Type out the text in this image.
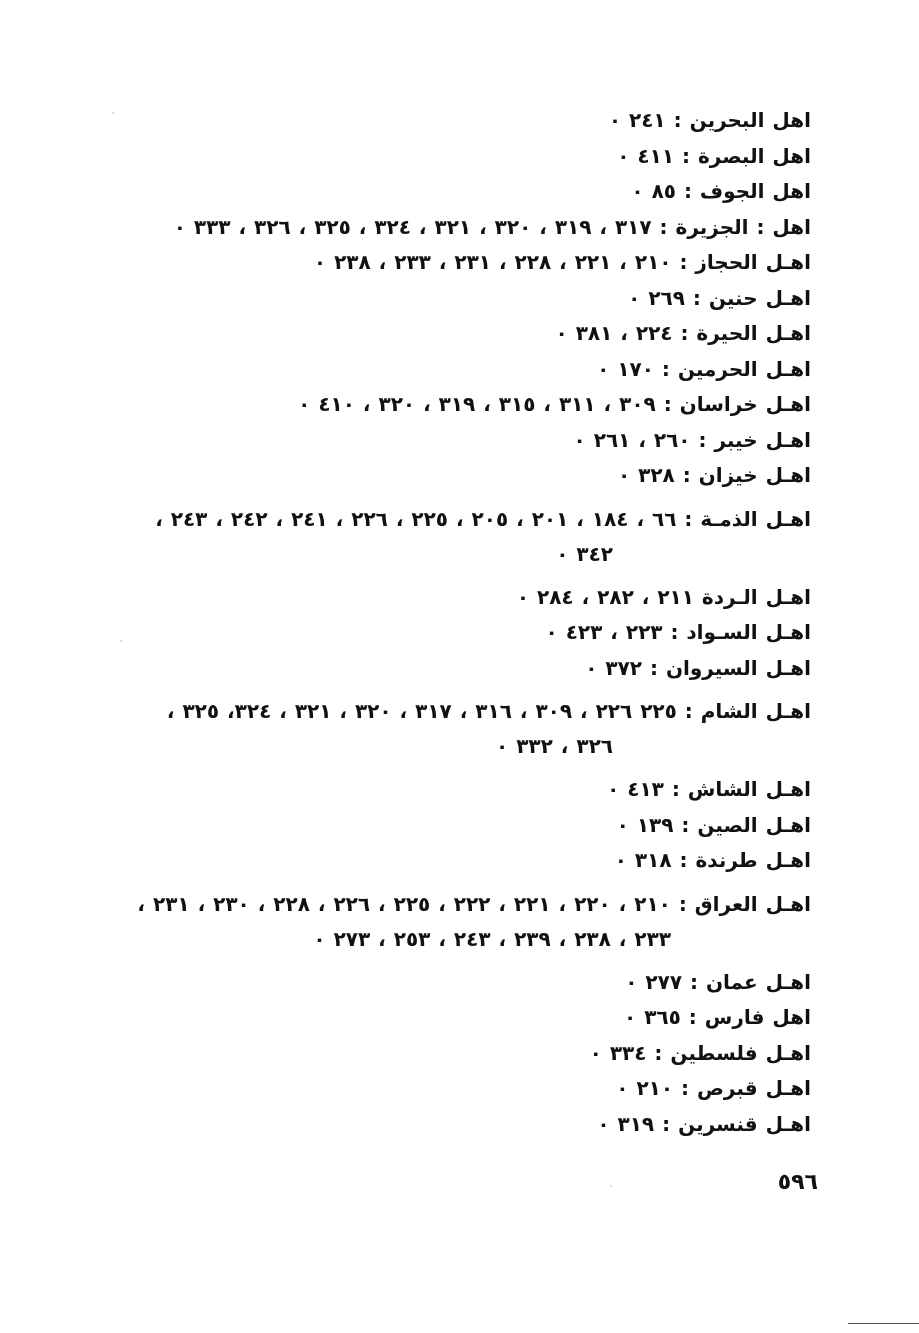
اهل البحرين : ٢٤١ ٠
اهل البصرة : ٤١١ ٠
اهل الجوف : ٨٥ ٠
اهل : الجزيرة : ٣١٧ ، ٣١٩ ، ٣٢٠ ، ٣٢١ ، ٣٢٤ ، ٣٢٥ ، ٣٢٦ ، ٣٣٣ ٠
اهـل الحجاز : ٢١٠ ، ٢٢١ ، ٢٢٨ ، ٢٣١ ، ٢٣٣ ، ٢٣٨ ٠
اهـل حنين : ٢٦٩ ٠
اهـل الحيرة : ٢٢٤ ، ٣٨١ ٠
اهـل الحرمين : ١٧٠ ٠
اهـل خراسان : ٣٠٩ ، ٣١١ ، ٣١٥ ، ٣١٩ ، ٣٢٠ ، ٤١٠ ٠
اهـل خيبر : ٢٦٠ ، ٢٦١ ٠
اهـل خيزان : ٣٢٨ ٠
اهـل الذمـة : ٦٦ ، ١٨٤ ، ٢٠١ ، ٢٠٥ ، ٢٢٥ ، ٢٢٦ ، ٢٤١ ، ٢٤٢ ، ٢٤٣ ،
٣٤٢ ٠
اهـل الـردة ٢١١ ، ٢٨٢ ، ٢٨٤ ٠
اهـل السـواد : ٢٢٣ ، ٤٢٣ ٠
اهـل السيروان : ٣٧٢ ٠
اهـل الشام : ٢٢٥ ٢٢٦ ، ٣٠٩ ، ٣١٦ ، ٣١٧ ، ٣٢٠ ، ٣٢١ ، ٣٢٤، ٣٢٥ ،
٣٢٦ ، ٣٣٢ ٠
اهـل الشاش : ٤١٣ ٠
اهـل الصين : ١٣٩ ٠
اهـل طرندة : ٣١٨ ٠
اهـل العراق : ٢١٠ ، ٢٢٠ ، ٢٢١ ، ٢٢٢ ، ٢٢٥ ، ٢٢٦ ، ٢٢٨ ، ٢٣٠ ، ٢٣١ ،
٢٣٣ ، ٢٣٨ ، ٢٣٩ ، ٢٤٣ ، ٢٥٣ ، ٢٧٣ ٠
اهـل عمان : ٢٧٧ ٠
اهل فارس : ٣٦٥ ٠
اهـل فلسطين : ٣٣٤ ٠
اهـل قبرص : ٢١٠ ٠
اهـل قنسرين : ٣١٩ ٠
٥٩٦
